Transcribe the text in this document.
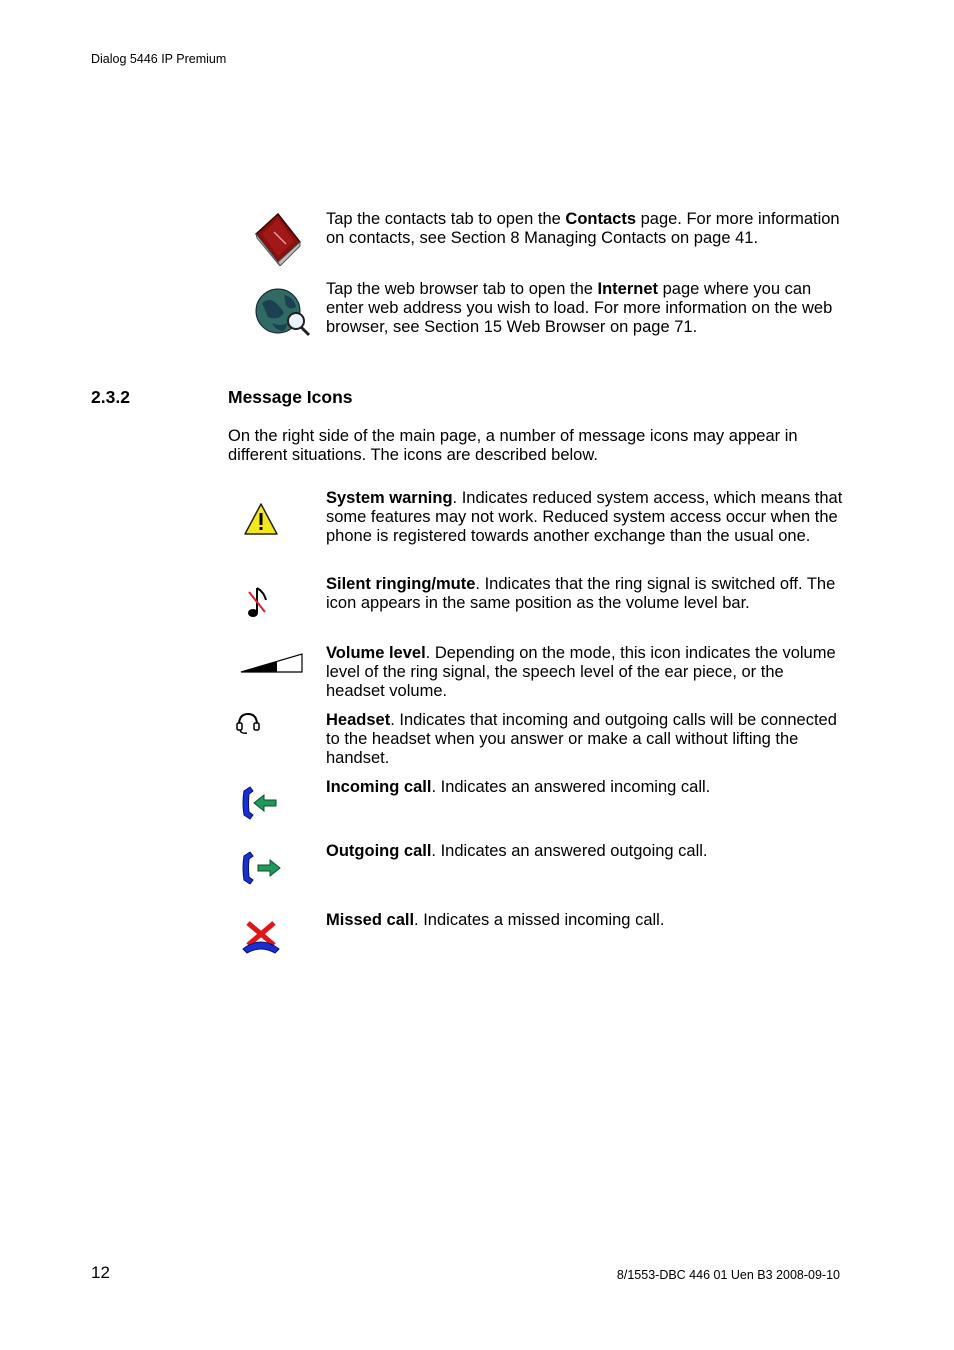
Dialog 5446 IP Premium
Tap the contacts tab to open the Contacts page. For more information on contacts, see Section 8 Managing Contacts on page 41.
Tap the web browser tab to open the Internet page where you can enter web address you wish to load. For more information on the web browser, see Section 15 Web Browser on page 71.
2.3.2	Message Icons
On the right side of the main page, a number of message icons may appear in different situations. The icons are described below.
System warning. Indicates reduced system access, which means that some features may not work. Reduced system access occur when the phone is registered towards another exchange than the usual one.
Silent ringing/mute. Indicates that the ring signal is switched off. The icon appears in the same position as the volume level bar.
Volume level. Depending on the mode, this icon indicates the volume level of the ring signal, the speech level of the ear piece, or the headset volume.
Headset. Indicates that incoming and outgoing calls will be connected to the headset when you answer or make a call without lifting the handset.
Incoming call. Indicates an answered incoming call.
Outgoing call. Indicates an answered outgoing call.
Missed call. Indicates a missed incoming call.
12	8/1553-DBC 446 01 Uen B3 2008-09-10
